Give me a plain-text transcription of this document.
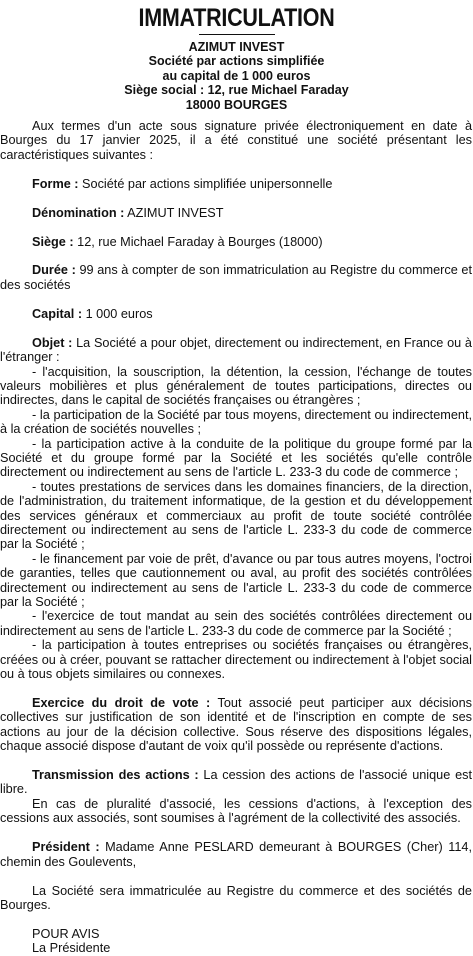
IMMATRICULATION
AZIMUT INVEST
Société par actions simplifiée
au capital de 1 000 euros
Siège social : 12, rue Michael Faraday
18000 BOURGES

Aux termes d'un acte sous signature privée électroniquement en date à Bourges du 17 janvier 2025, il a été constitué une société présentant les caractéristiques suivantes :

Forme : Société par actions simplifiée unipersonnelle

Dénomination : AZIMUT INVEST

Siège : 12, rue Michael Faraday à Bourges (18000)

Durée : 99 ans à compter de son immatriculation au Registre du commerce et des sociétés

Capital : 1 000 euros

Objet : La Société a pour objet, directement ou indirectement, en France ou à l'étranger :

- l'acquisition, la souscription, la détention, la cession, l'échange de toutes valeurs mobilières et plus généralement de toutes participations, directes ou indirectes, dans le capital de sociétés françaises ou étrangères ;

- la participation de la Société par tous moyens, directement ou indirectement, à la création de sociétés nouvelles ;

- la participation active à la conduite de la politique du groupe formé par la Société et du groupe formé par la Société et les sociétés qu'elle contrôle directement ou indirectement au sens de l'article L. 233-3 du code de commerce ;

- toutes prestations de services dans les domaines financiers, de la direction, de l'administration, du traitement informatique, de la gestion et du développement des services généraux et commerciaux au profit de toute société contrôlée directement ou indirectement au sens de l'article L. 233-3 du code de commerce par la Société ;

- le financement par voie de prêt, d'avance ou par tous autres moyens, l'octroi de garanties, telles que cautionnement ou aval, au profit des sociétés contrôlées directement ou indirectement au sens de l'article L. 233-3 du code de commerce par la Société ;

- l'exercice de tout mandat au sein des sociétés contrôlées directement ou indirectement au sens de l'article L. 233-3 du code de commerce par la Société ;

- la participation à toutes entreprises ou sociétés françaises ou étrangères, créées ou à créer, pouvant se rattacher directement ou indirectement à l'objet social ou à tous objets similaires ou connexes.

Exercice du droit de vote : Tout associé peut participer aux décisions collectives sur justification de son identité et de l'inscription en compte de ses actions au jour de la décision collective. Sous réserve des dispositions légales, chaque associé dispose d'autant de voix qu'il possède ou représente d'actions.

Transmission des actions : La cession des actions de l'associé unique est libre.

En cas de pluralité d'associé, les cessions d'actions, à l'exception des cessions aux associés, sont soumises à l'agrément de la collectivité des associés.

Président : Madame Anne PESLARD demeurant à BOURGES (Cher) 114, chemin des Goulevents,

La Société sera immatriculée au Registre du commerce et des sociétés de Bourges.

POUR AVIS
La Présidente
